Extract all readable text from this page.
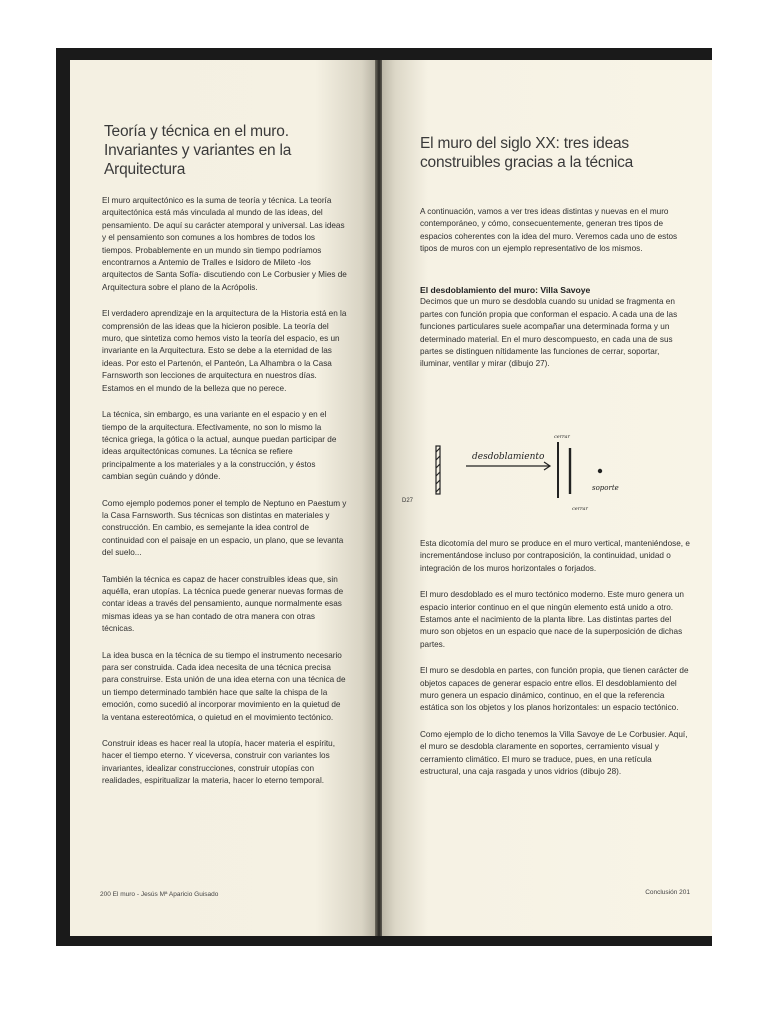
Teoría y técnica en el muro. Invariantes y variantes en la Arquitectura

El muro arquitectónico es la suma de teoría y técnica. La teoría arquitectónica está más vinculada al mundo de las ideas, del pensamiento. De aquí su carácter atemporal y universal. Las ideas y el pensamiento son comunes a los hombres de todos los tiempos. Probablemente en un mundo sin tiempo podríamos encontrarnos a Antemio de Tralles e Isidoro de Mileto -los arquitectos de Santa Sofía- discutiendo con Le Corbusier y Mies de Arquitectura sobre el plano de la Acrópolis.

El verdadero aprendizaje en la arquitectura de la Historia está en la comprensión de las ideas que la hicieron posible. La teoría del muro, que sintetiza como hemos visto la teoría del espacio, es un invariante en la Arquitectura. Esto se debe a la eternidad de las ideas. Por esto el Partenón, el Panteón, La Alhambra o la Casa Farnsworth son lecciones de arquitectura en nuestros días. Estamos en el mundo de la belleza que no perece.

La técnica, sin embargo, es una variante en el espacio y en el tiempo de la arquitectura. Efectivamente, no son lo mismo la técnica griega, la gótica o la actual, aunque puedan participar de ideas arquitectónicas comunes. La técnica se refiere principalmente a los materiales y a la construcción, y éstos cambian según cuándo y dónde.

Como ejemplo podemos poner el templo de Neptuno en Paestum y la Casa Farnsworth. Sus técnicas son distintas en materiales y construcción. En cambio, es semejante la idea control de continuidad con el paisaje en un espacio, un plano, que se levanta del suelo...

También la técnica es capaz de hacer construibles ideas que, sin aquélla, eran utopías. La técnica puede generar nuevas formas de contar ideas a través del pensamiento, aunque normalmente esas mismas ideas ya se han contado de otra manera con otras técnicas.

La idea busca en la técnica de su tiempo el instrumento necesario para ser construida. Cada idea necesita de una técnica precisa para construirse. Esta unión de una idea eterna con una técnica de un tiempo determinado también hace que salte la chispa de la emoción, como sucedió al incorporar movimiento en la quietud de la ventana estereotómica, o quietud en el movimiento tectónico.

Construir ideas es hacer real la utopía, hacer materia el espíritu, hacer el tiempo eterno. Y viceversa, construir con variantes los invariantes, idealizar construcciones, construir utopías con realidades, espiritualizar la materia, hacer lo eterno temporal.

200 El muro - Jesús Mª Aparicio Guisado
El muro del siglo XX: tres ideas construibles gracias a la técnica

A continuación, vamos a ver tres ideas distintas y nuevas en el muro contemporáneo, y cómo, consecuentemente, generan tres tipos de espacios coherentes con la idea del muro. Veremos cada uno de estos tipos de muros con un ejemplo representativo de los mismos.

El desdoblamiento del muro: Villa Savoye

Decimos que un muro se desdobla cuando su unidad se fragmenta en partes con función propia que conforman el espacio. A cada una de las funciones particulares suele acompañar una determinada forma y un determinado material. En el muro descompuesto, en cada una de sus partes se distinguen nítidamente las funciones de cerrar, soportar, iluminar, ventilar y mirar (dibujo 27).

D27
desdoblamiento
soporte
cerrar
cerrar

Esta dicotomía del muro se produce en el muro vertical, manteniéndose, e incrementándose incluso por contraposición, la continuidad, unidad o integración de los muros horizontales o forjados.

El muro desdoblado es el muro tectónico moderno. Este muro genera un espacio interior continuo en el que ningún elemento está unido a otro. Estamos ante el nacimiento de la planta libre. Las distintas partes del muro son objetos en un espacio que nace de la superposición de dichas partes.

El muro se desdobla en partes, con función propia, que tienen carácter de objetos capaces de generar espacio entre ellos. El desdoblamiento del muro genera un espacio dinámico, continuo, en el que la referencia estática son los objetos y los planos horizontales: un espacio tectónico.

Como ejemplo de lo dicho tenemos la Villa Savoye de Le Corbusier. Aquí, el muro se desdobla claramente en soportes, cerramiento visual y cerramiento climático. El muro se traduce, pues, en una retícula estructural, una caja rasgada y unos vidrios (dibujo 28).

Conclusión 201
